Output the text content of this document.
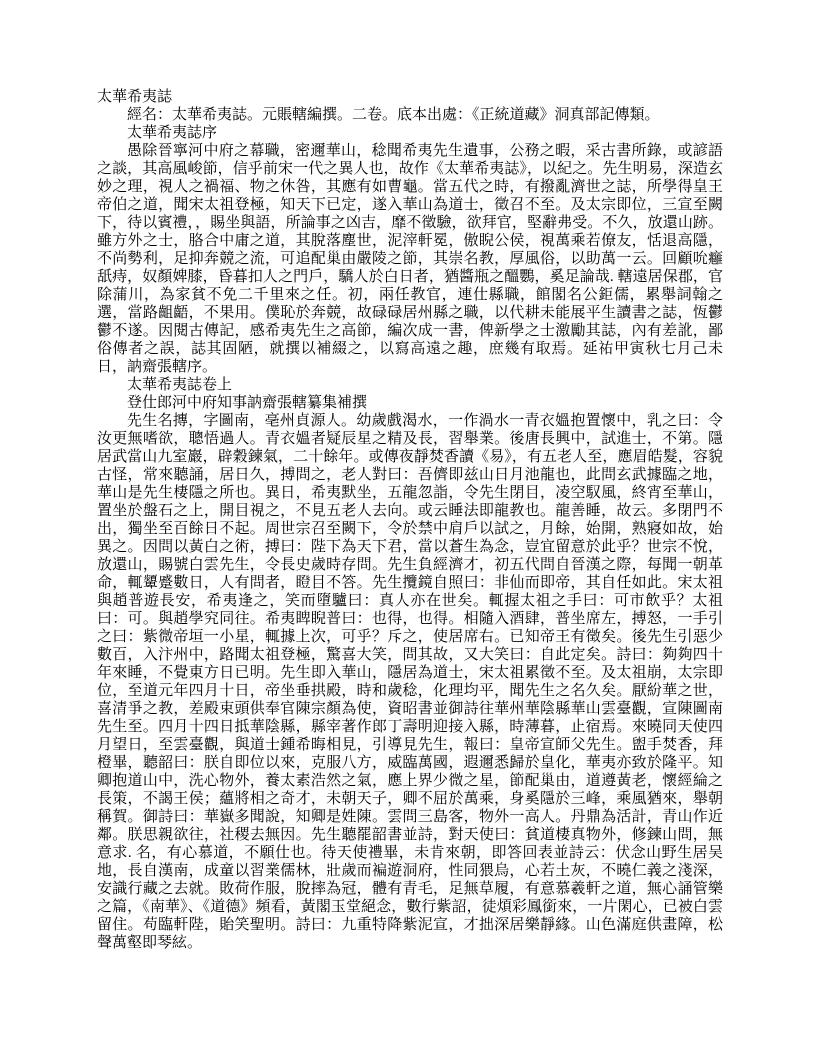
太華希夷誌
經名：太華希夷誌。元賬轄編撰。二卷。底本出處：《正統道藏》洞真部記傳類。
太華希夷誌序
愚除晉寧河中府之幕職，密邇華山，稔聞希夷先生遺事，公務之暇，采古書所錄，或諺語之談，其高風峻節，信乎前宋一代之異人也，故作《太華希夷誌》，以紀之。先生明易，深造玄妙之理，視人之禍福、物之休咎，其應有如曹龜。當五代之時，有撥亂濟世之誌，所學得皇王帝伯之道，聞宋太祖登極，知天下已定，遂入華山為道士，徵召不至。及太宗即位，三宣至闕下，待以賓禮，，賜坐與語，所論事之凶吉，靡不徵驗，欲拜官，堅辭弗受。不久，放還山跡。雖方外之士，胳合中庸之道，其脫落塵世，泥滓軒冕，傲睨公侯，視萬乘若僚友，恬退高隱，不尚勢利，足抑奔競之流，可追配巢由嚴陵之節，其崇名教，厚風俗，以助萬一云。回顧吮癰舐痔，奴顏婢膝，昏暮扣人之門戶，驕人於白日者，猶醬瓶之醞鸚，奚足論哉. 轄遠居保郡，官除蒲川，為家貧不免二千里來之任。初，兩任教官，連仕縣職，館閣名公鉅儒，累舉詞翰之選，當路齟齬，不果用。僕恥於奔競，故碌碌居州縣之職，以代耕未能展平生讀書之誌，恆鬱鬱不遂。因閱古傳記，感希夷先生之高節，編次成一書，俾新學之士激勵其誌，內有差訛，鄙俗傳者之誤，誌其固陋，就撰以補綴之，以寫高遠之趣，庶幾有取焉。延祐甲寅秋七月己未日，訥齋張轄序。
太華希夷誌卷上
登仕郎河中府知事訥齋張轄纂集補撰
先生名摶，字圖南，亳州貞源人。幼歲戲渴水，一作渦水一青衣媼抱置懷中，乳之曰：令汝更無嗜欲，聰悟過人。青衣媼者疑辰星之精及長，習舉業。後唐長興中，試進士，不第。隱居武當山九室巖，辟穀鍊氣，二十餘年。或傳夜靜焚香讀《易》，有五老人至，應眉皓髮，容貌古怪，常來聽誦，居日久，搏問之，老人對曰：吾儕即兹山日月池龍也，此問玄武據臨之地，華山是先生棲隱之所也。異日，希夷默坐，五龍忽詣，令先生閉目，凌空馭風，終宵至華山，置坐於盤石之上，開目視之，不見五老人去向。或云睡法即龍教也。龍善睡，故云。多閉門不出，獨坐至百餘日不起。周世宗召至闕下，令於禁中肩戶以試之，月餘，始開，熟寢如故，始異之。因問以黃白之術，搏曰：陛下為天下君，當以蒼生為念，豈宜留意於此乎？世宗不悅，放還山，賜號白雲先生，令長史歲時存問。先生負經濟才，初五代問自晉漢之際，每聞一朝革命，輒顰蹙數日，人有問者，瞪目不答。先生攬鏡自照曰：非仙而即帝，其自任如此。宋太祖與趙普遊長安，希夷逢之，笑而墮驢曰：真人亦在世矣。輒握太祖之手曰：可市飲乎？太祖曰：可。與趙學究同往。希夷睥睨普曰：也得，也得。相隨入酒肆，普坐席左，搏怒，一手引之曰：紫微帝垣一小星，輒據上次，可乎？斥之，使居席右。已知帝王有徵矣。後先生引惡少數百，入汴州中，路聞太祖登極，驚喜大笑，問其故，又大笑曰：自此定矣。詩曰：夠夠四十年來睡，不覺東方日已明。先生即入華山，隱居為道士，宋太祖累徵不至。及太祖崩，太宗即位，至道元年四月十日，帝坐垂拱殿，時和歲稔，化理均平，聞先生之名久矣。厭紛華之世，喜清爭之教，差殿束頭供奉官陳宗顏為使，資昭書並御詩往華州華陰縣華山雲臺觀，宣陳圖南先生至。四月十四日抵華陰縣，縣宰著作郎丁壽明迎接入縣，時薄暮，止宿焉。來曉同天使四月望日，至雲臺觀，與道士鍾希晦相見，引導見先生，報曰：皇帝宣師父先生。盥手焚香，拜橙畢，聽韶曰：朕自即位以來，克服八方，威臨萬國，遐邇悉歸於皇化，華夷亦致於隆平。知卿抱道山中，洗心物外，養太素浩然之氣，應上界少微之星，節配巢由，道遵黃老，懷經綸之長策，不謁王侯；蘊將相之奇才，未朝天子，卿不屈於萬乘，身奚隱於三峰，乘風猶來，舉朝稱賀。御詩曰：華嶽多聞說，知卿是姓陳。雲問三島客，物外一高人。丹鼎為活計，青山作近鄰。朕思親欲往，社稷去無因。先生聽罷韶書並詩，對天使曰：貧道棲真物外，修鍊山問，無意求. 名，有心慕道，不願仕也。待天使禮畢，未肯來朝，即答回表並詩云：伏念山野生居吴地，長自漢南，成童以習業儒林，壯歲而褊遊洞府，性同猥烏，心若土灰，不曉仁義之淺深，安識行藏之去就。敗荷作服，脫摔為冠，體有青毛，足無草履，有意慕羲軒之道，無心誦管樂之篇，《南華》、《道德》頻看，黃閣玉堂絕念，數行紫詔，徒煩彩鳳銜來，一片閑心，已被白雲留住。苟臨軒陛，貽笑聖明。詩曰：九重特降紫泥宣，才拙深居樂靜緣。山色滿庭供畫障，松聲萬壑即琴絃。
